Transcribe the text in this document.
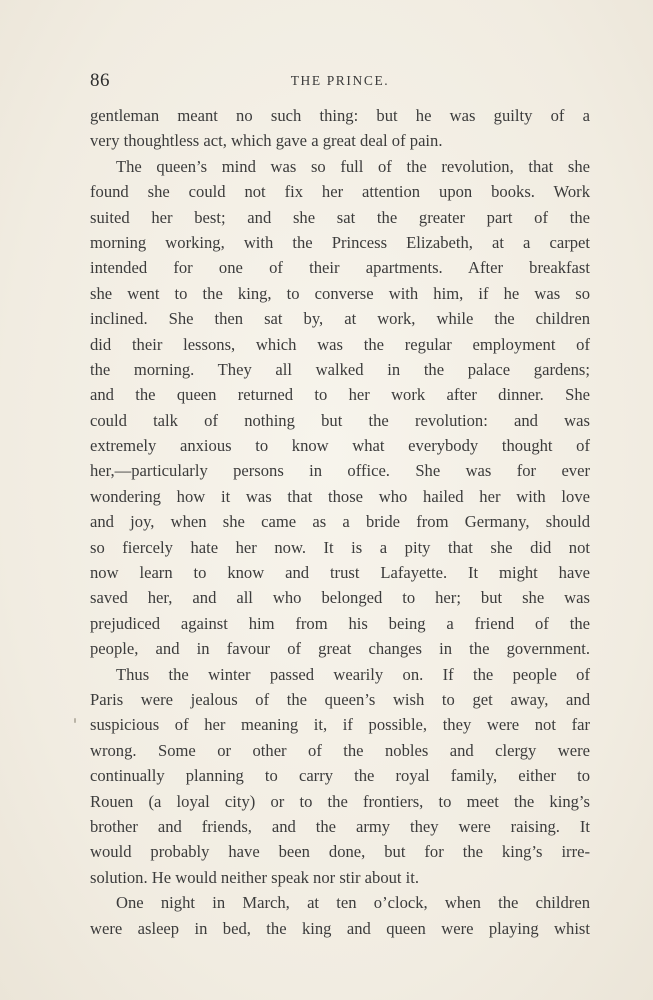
86	THE PRINCE.
gentleman meant no such thing: but he was guilty of a
very thoughtless act, which gave a great deal of pain.
The queen’s mind was so full of the revolution, that she
found she could not fix her attention upon books. Work
suited her best; and she sat the greater part of the
morning working, with the Princess Elizabeth, at a carpet
intended for one of their apartments. After breakfast
she went to the king, to converse with him, if he was so
inclined. She then sat by, at work, while the children
did their lessons, which was the regular employment of
the morning. They all walked in the palace gardens;
and the queen returned to her work after dinner. She
could talk of nothing but the revolution: and was
extremely anxious to know what everybody thought of
her,—particularly persons in office. She was for ever
wondering how it was that those who hailed her with love
and joy, when she came as a bride from Germany, should
so fiercely hate her now. It is a pity that she did not
now learn to know and trust Lafayette. It might have
saved her, and all who belonged to her; but she was
prejudiced against him from his being a friend of the
people, and in favour of great changes in the government.
Thus the winter passed wearily on. If the people of
Paris were jealous of the queen’s wish to get away, and
suspicious of her meaning it, if possible, they were not far
wrong. Some or other of the nobles and clergy were
continually planning to carry the royal family, either to
Rouen (a loyal city) or to the frontiers, to meet the king’s
brother and friends, and the army they were raising. It
would probably have been done, but for the king’s irre-
solution. He would neither speak nor stir about it.
One night in March, at ten o’clock, when the children
were asleep in bed, the king and queen were playing whist
